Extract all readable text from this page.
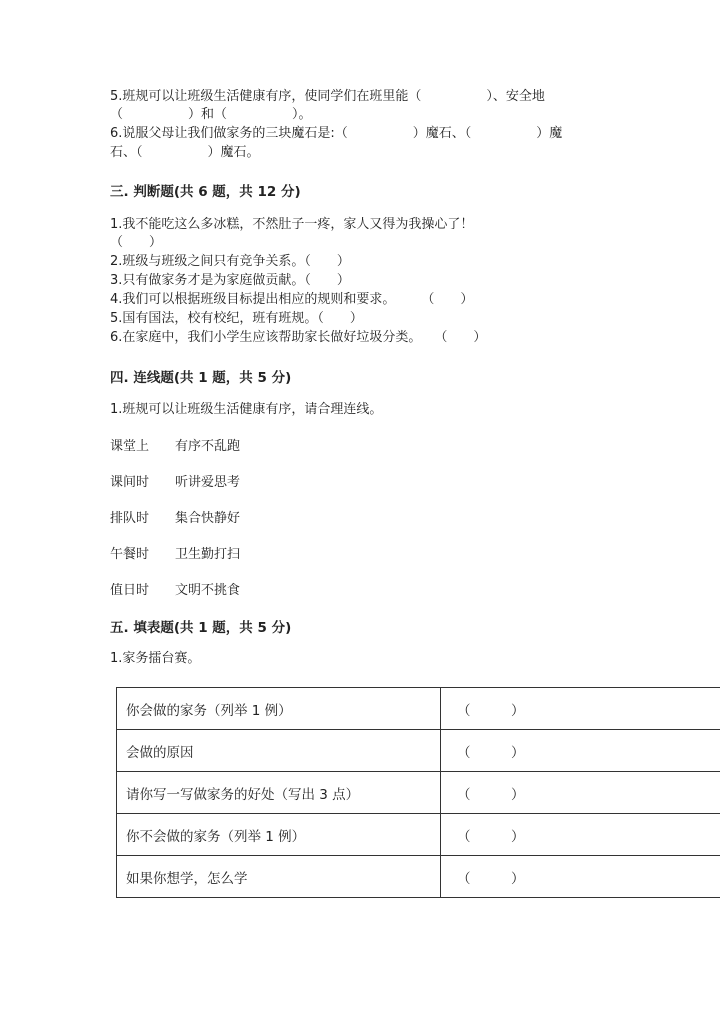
5.班规可以让班级生活健康有序，使同学们在班里能（　　　　　）、安全地
（　　　　　）和（　　　　　）。
6.说服父母让我们做家务的三块魔石是:（　　　　　）魔石、（　　　　　）魔
石、（　　　　　）魔石。
三. 判断题(共 6 题，共 12 分)
1.我不能吃这么多冰糕，不然肚子一疼，家人又得为我操心了！
（　　）
2.班级与班级之间只有竞争关系。（　　）
3.只有做家务才是为家庭做贡献。（　　）
4.我们可以根据班级目标提出相应的规则和要求。　　　（　　）
5.国有国法，校有校纪，班有班规。（　　）
6.在家庭中，我们小学生应该帮助家长做好垃圾分类。　　（　　）
四. 连线题(共 1 题，共 5 分)
1.班规可以让班级生活健康有序，请合理连线。
课堂上 有序不乱跑
课间时 听讲爱思考
排队时 集合快静好
午餐时 卫生勤打扫
值日时 文明不挑食
五. 填表题(共 1 题，共 5 分)
1.家务擂台赛。
你会做的家务（列举 1 例）	（　　　）
会做的原因	（　　　）
请你写一写做家务的好处（写出 3 点）	（　　　）
你不会做的家务（列举 1 例）	（　　　）
如果你想学，怎么学	（　　　）
